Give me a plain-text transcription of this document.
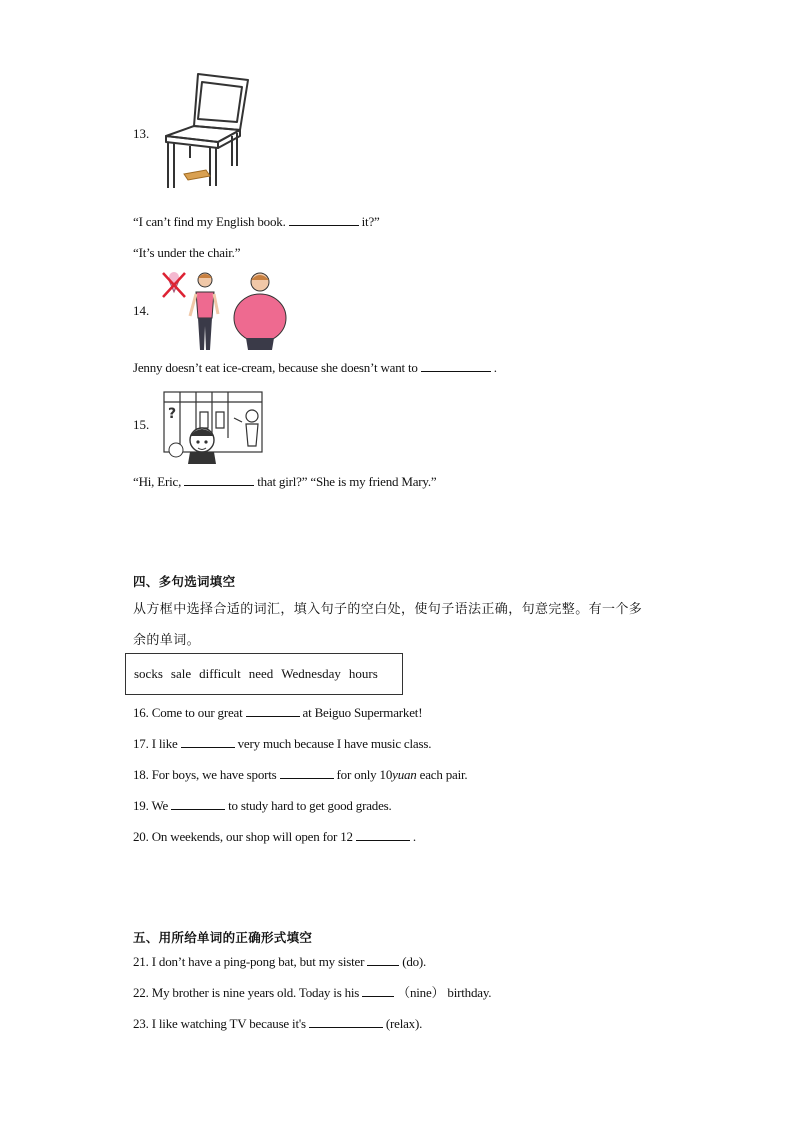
13.
“I can’t find my English book.	it?”
“It’s under the chair.”
14.
Jenny doesn’t eat ice-cream, because she doesn’t want to	.
15.
?
“Hi, Eric,	that girl?” “She is my friend Mary.”
四、多句选词填空
从方框中选择合适的词汇，填入句子的空白处，使句子语法正确，句意完整。有一个多
余的单词。
socks sale difficult need Wednesday hours
16. Come to our great	at Beiguo Supermarket!
17. I like	very much because I have music class.
18. For boys, we have sports	for only 10yuan each pair.
19. We	to study hard to get good grades.
20. On weekends, our shop will open for 12	.
五、用所给单词的正确形式填空
21. I don’t have a ping-pong bat, but my sister	(do).
22. My brother is nine years old. Today is his	（nine） birthday.
23. I like watching TV because it's	(relax).
